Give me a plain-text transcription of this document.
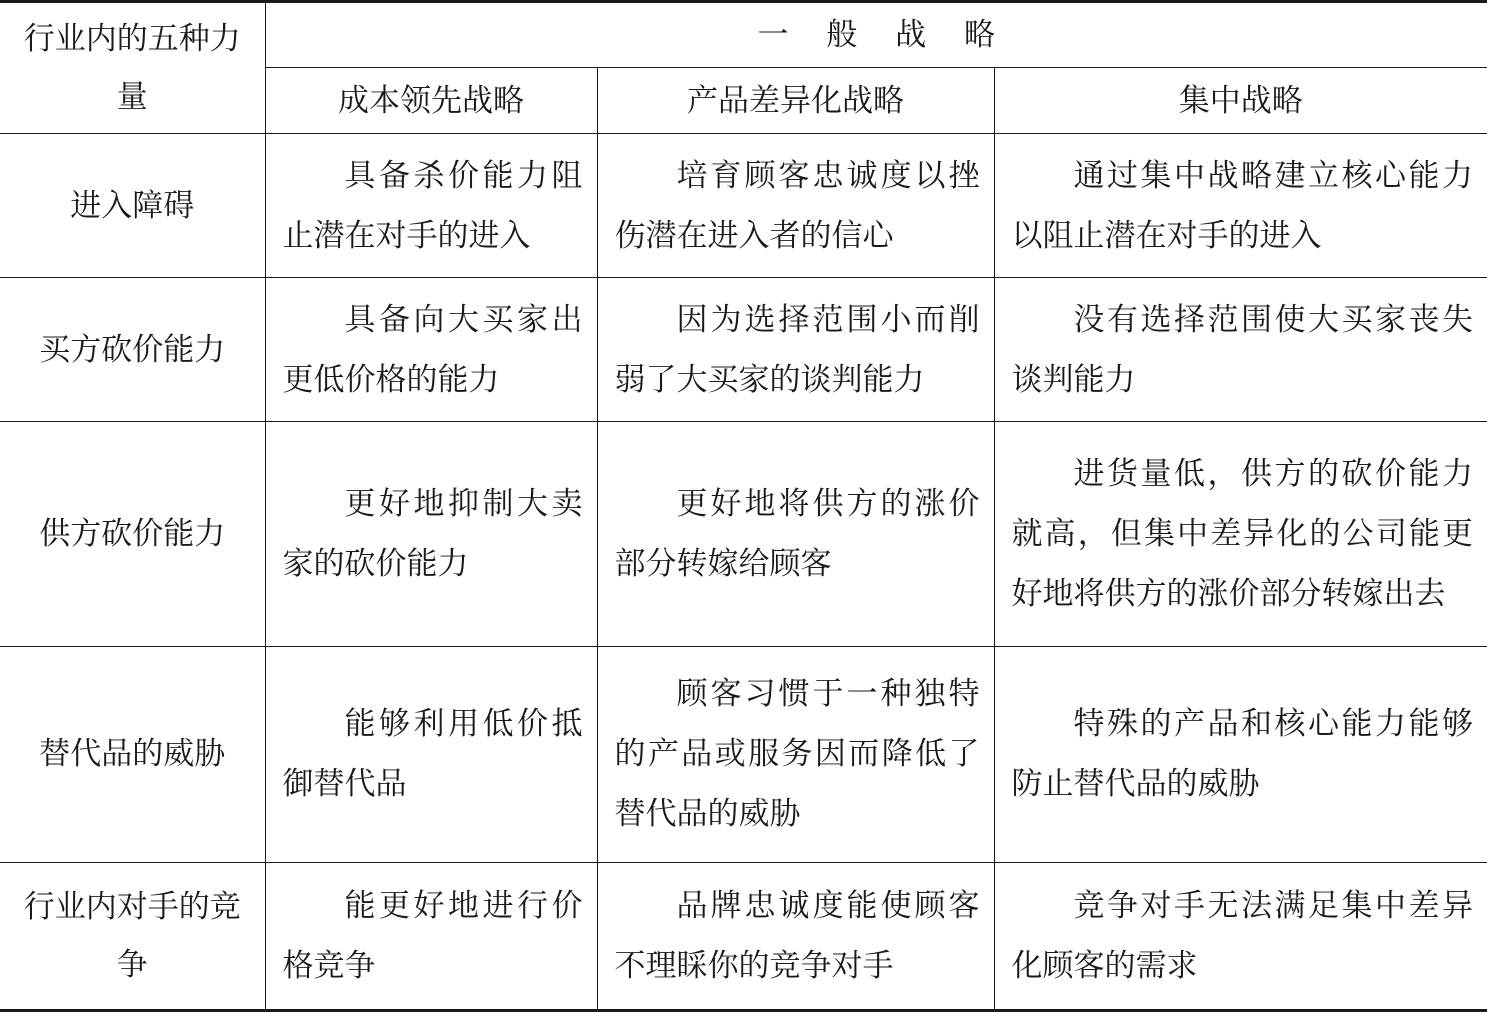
行业内的五种力量	一 般 战 略		
	成本领先战略	产品差异化战略	集中战略
进入障碍	具备杀价能力阻止潜在对手的进入	培育顾客忠诚度以挫伤潜在进入者的信心	通过集中战略建立核心能力以阻止潜在对手的进入
买方砍价能力	具备向大买家出更低价格的能力	因为选择范围小而削弱了大买家的谈判能力	没有选择范围使大买家丧失谈判能力
供方砍价能力	更好地抑制大卖家的砍价能力	更好地将供方的涨价部分转嫁给顾客	进货量低，供方的砍价能力就高，但集中差异化的公司能更好地将供方的涨价部分转嫁出去
替代品的威胁	能够利用低价抵御替代品	顾客习惯于一种独特的产品或服务因而降低了替代品的威胁	特殊的产品和核心能力能够防止替代品的威胁
行业内对手的竞争	能更好地进行价格竞争	品牌忠诚度能使顾客不理睬你的竞争对手	竞争对手无法满足集中差异化顾客的需求
